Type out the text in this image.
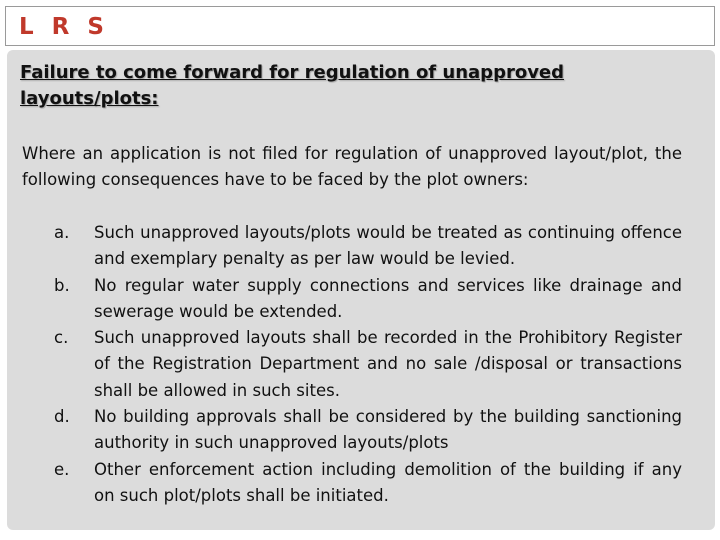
L R S
Failure to come forward for regulation of unapproved layouts/plots:
Where an application is not filed for regulation of unapproved layout/plot, the following consequences have to be faced by the plot owners:
a.	Such unapproved layouts/plots would be treated as continuing offence and exemplary penalty as per law would be levied.
b.	No regular water supply connections and services like drainage and sewerage would be extended.
c.	Such unapproved layouts shall be recorded in the Prohibitory Register of the Registration Department and no sale /disposal or transactions shall be allowed in such sites.
d.	No building approvals shall be considered by the building sanctioning authority in such unapproved layouts/plots
e.	Other enforcement action including demolition of the building if any on such plot/plots shall be initiated.
